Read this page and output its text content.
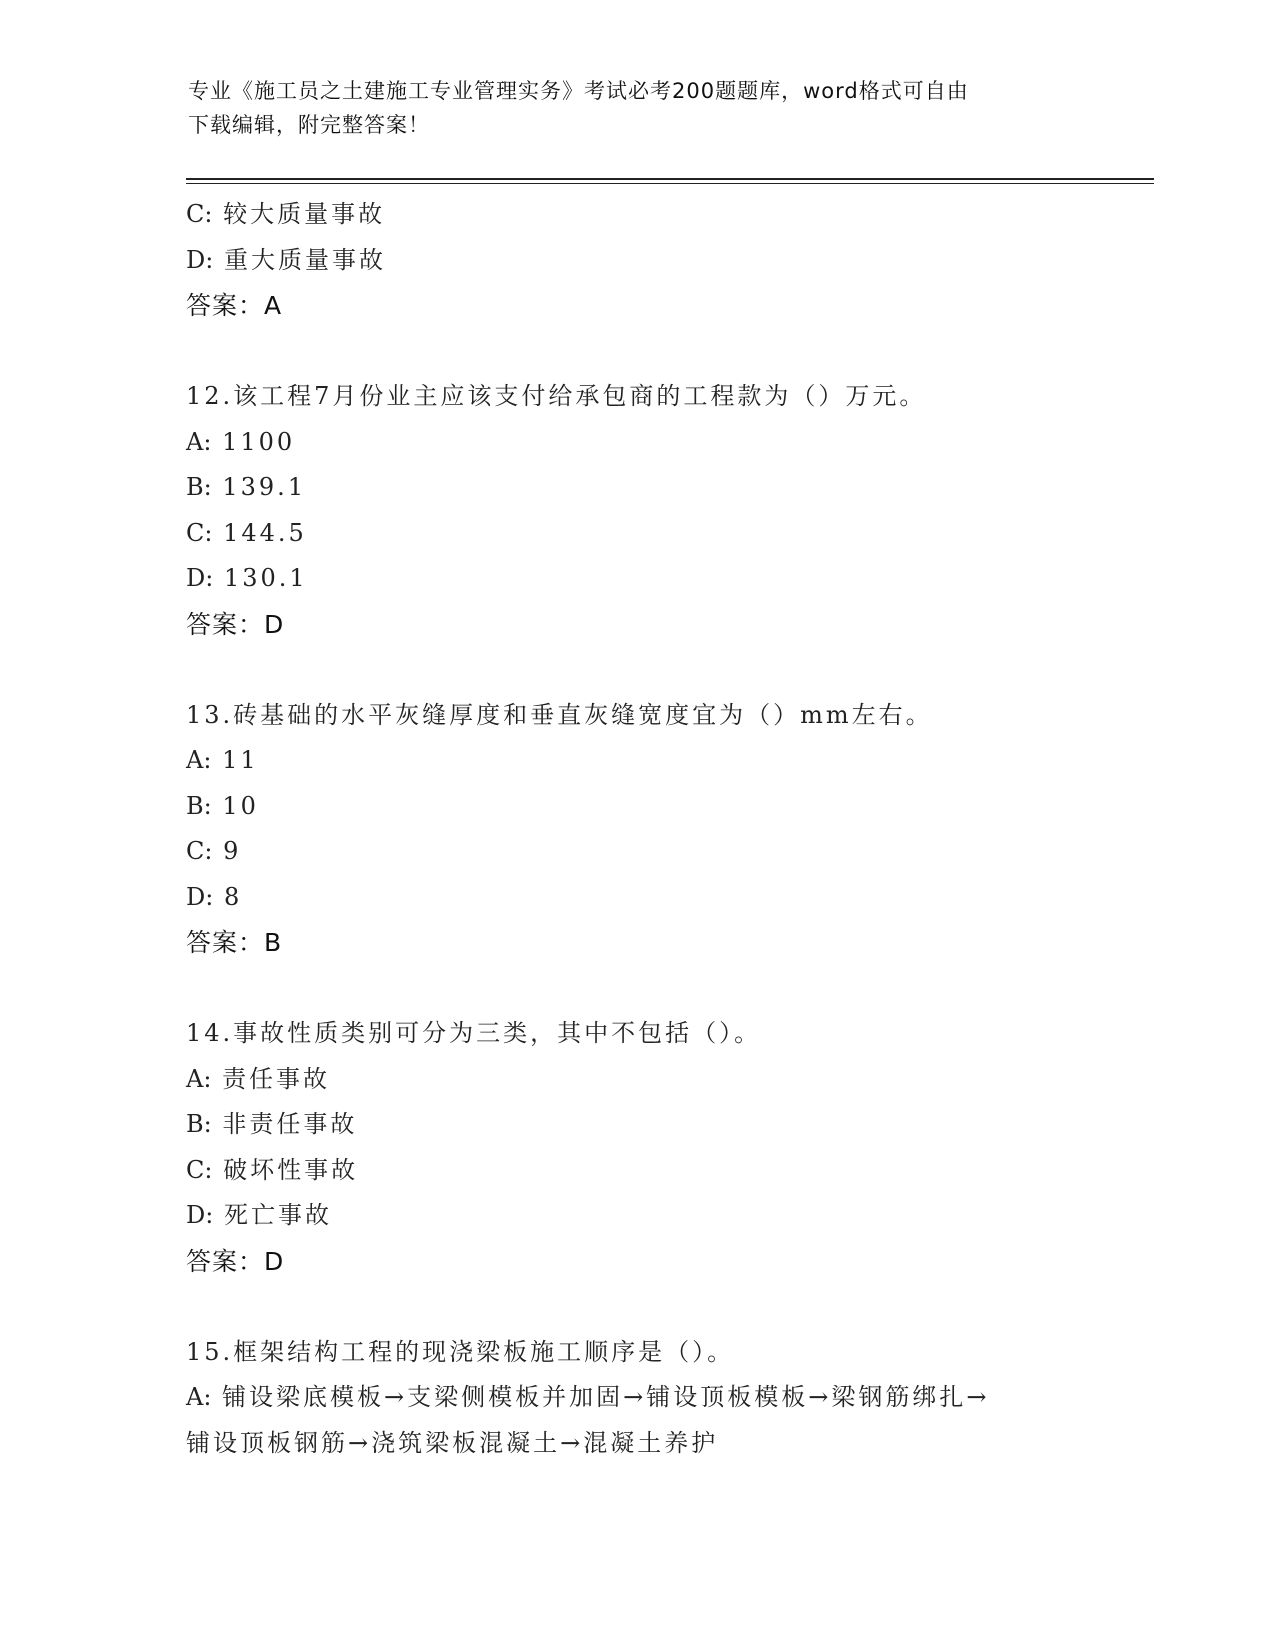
专业《施工员之土建施工专业管理实务》考试必考200题题库，word格式可自由
下载编辑，附完整答案！
C: 较大质量事故
D: 重大质量事故
答案：A
12.该工程7月份业主应该支付给承包商的工程款为（）万元。
A: 1100
B: 139.1
C: 144.5
D: 130.1
答案：D
13.砖基础的水平灰缝厚度和垂直灰缝宽度宜为（）mm左右。
A: 11
B: 10
C: 9
D: 8
答案：B
14.事故性质类别可分为三类，其中不包括（）。
A: 责任事故
B: 非责任事故
C: 破坏性事故
D: 死亡事故
答案：D
15.框架结构工程的现浇梁板施工顺序是（）。
A: 铺设梁底模板→支梁侧模板并加固→铺设顶板模板→梁钢筋绑扎→
铺设顶板钢筋→浇筑梁板混凝土→混凝土养护
